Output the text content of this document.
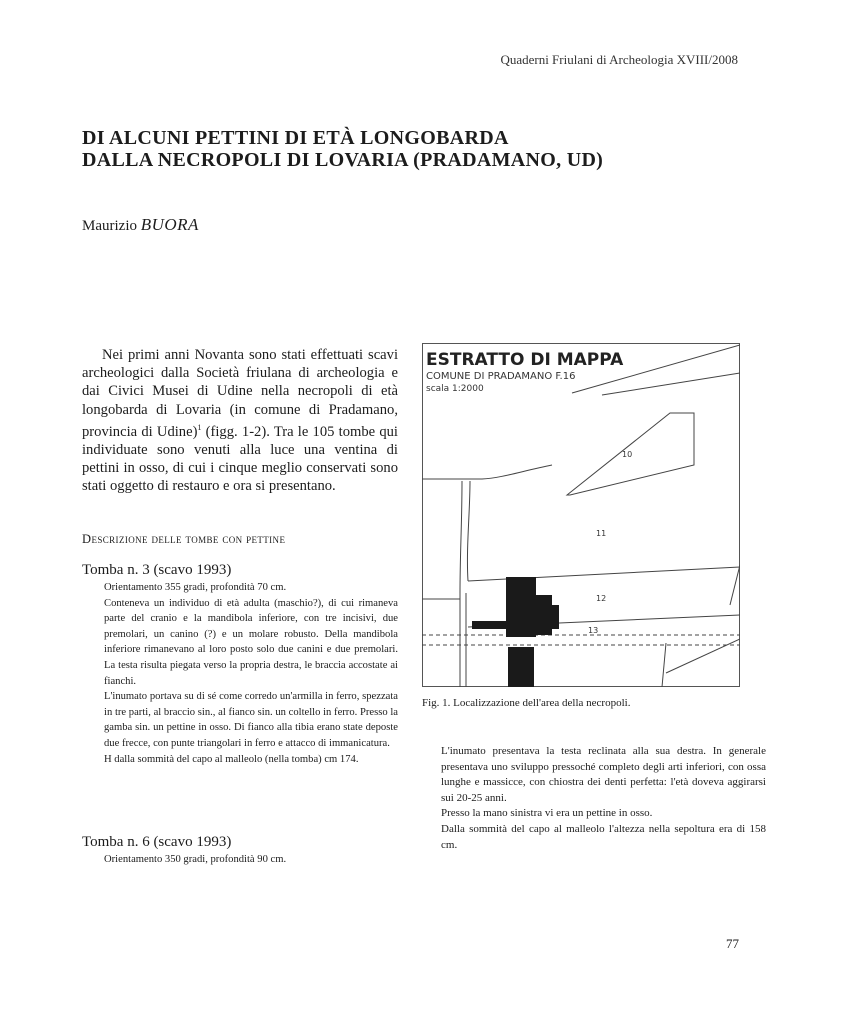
Quaderni Friulani di Archeologia XVIII/2008
DI ALCUNI PETTINI DI ETÀ LONGOBARDA
DALLA NECROPOLI DI LOVARIA (PRADAMANO, UD)
Maurizio BUORA

Nei primi anni Novanta sono stati effettuati scavi archeologici dalla Società friulana di archeologia e dai Civici Musei di Udine nella necropoli di età longobarda di Lovaria (in comune di Pradamano, provincia di Udine)$^1$ (figg. 1-2). Tra le 105 tombe qui individuate sono venuti alla luce una ventina di pettini in osso, di cui i cinque meglio conservati sono stati oggetto di restauro e ora si presentano.

Descrizione delle tombe con pettine
Tomba n. 3 (scavo 1993)

Orientamento 355 gradi, profondità 70 cm.

Conteneva un individuo di età adulta (maschio?), di cui rimaneva parte del cranio e la mandibola inferiore, con tre incisivi, due premolari, un canino (?) e un molare robusto. Della mandibola inferiore rimanevano al loro posto solo due canini e due premolari. La testa risulta piegata verso la propria destra, le braccia accostate ai fianchi.

L'inumato portava su di sé come corredo un'armilla in ferro, spezzata in tre parti, al braccio sin., al fianco sin. un coltello in ferro. Presso la gamba sin. un pettine in osso. Di fianco alla tibia erano state deposte due frecce, con punte triangolari in ferro e attacco di immanicatura.

H dalla sommità del capo al malleolo (nella tomba) cm 174.

Tomba n. 6 (scavo 1993)

Orientamento 350 gradi, profondità 90 cm.

ESTRATTO DI MAPPA
COMUNE DI PRADAMANO F.16
scala 1:2000
10
11
12
13
Fig. 1. Localizzazione dell'area della necropoli.

L'inumato presentava la testa reclinata alla sua destra. In generale presentava uno sviluppo pressoché completo degli arti inferiori, con ossa lunghe e massicce, con chiostra dei denti perfetta: l'età doveva aggirarsi sui 20-25 anni.

Presso la mano sinistra vi era un pettine in osso.

Dalla sommità del capo al malleolo l'altezza nella sepoltura era di 158 cm.

77
